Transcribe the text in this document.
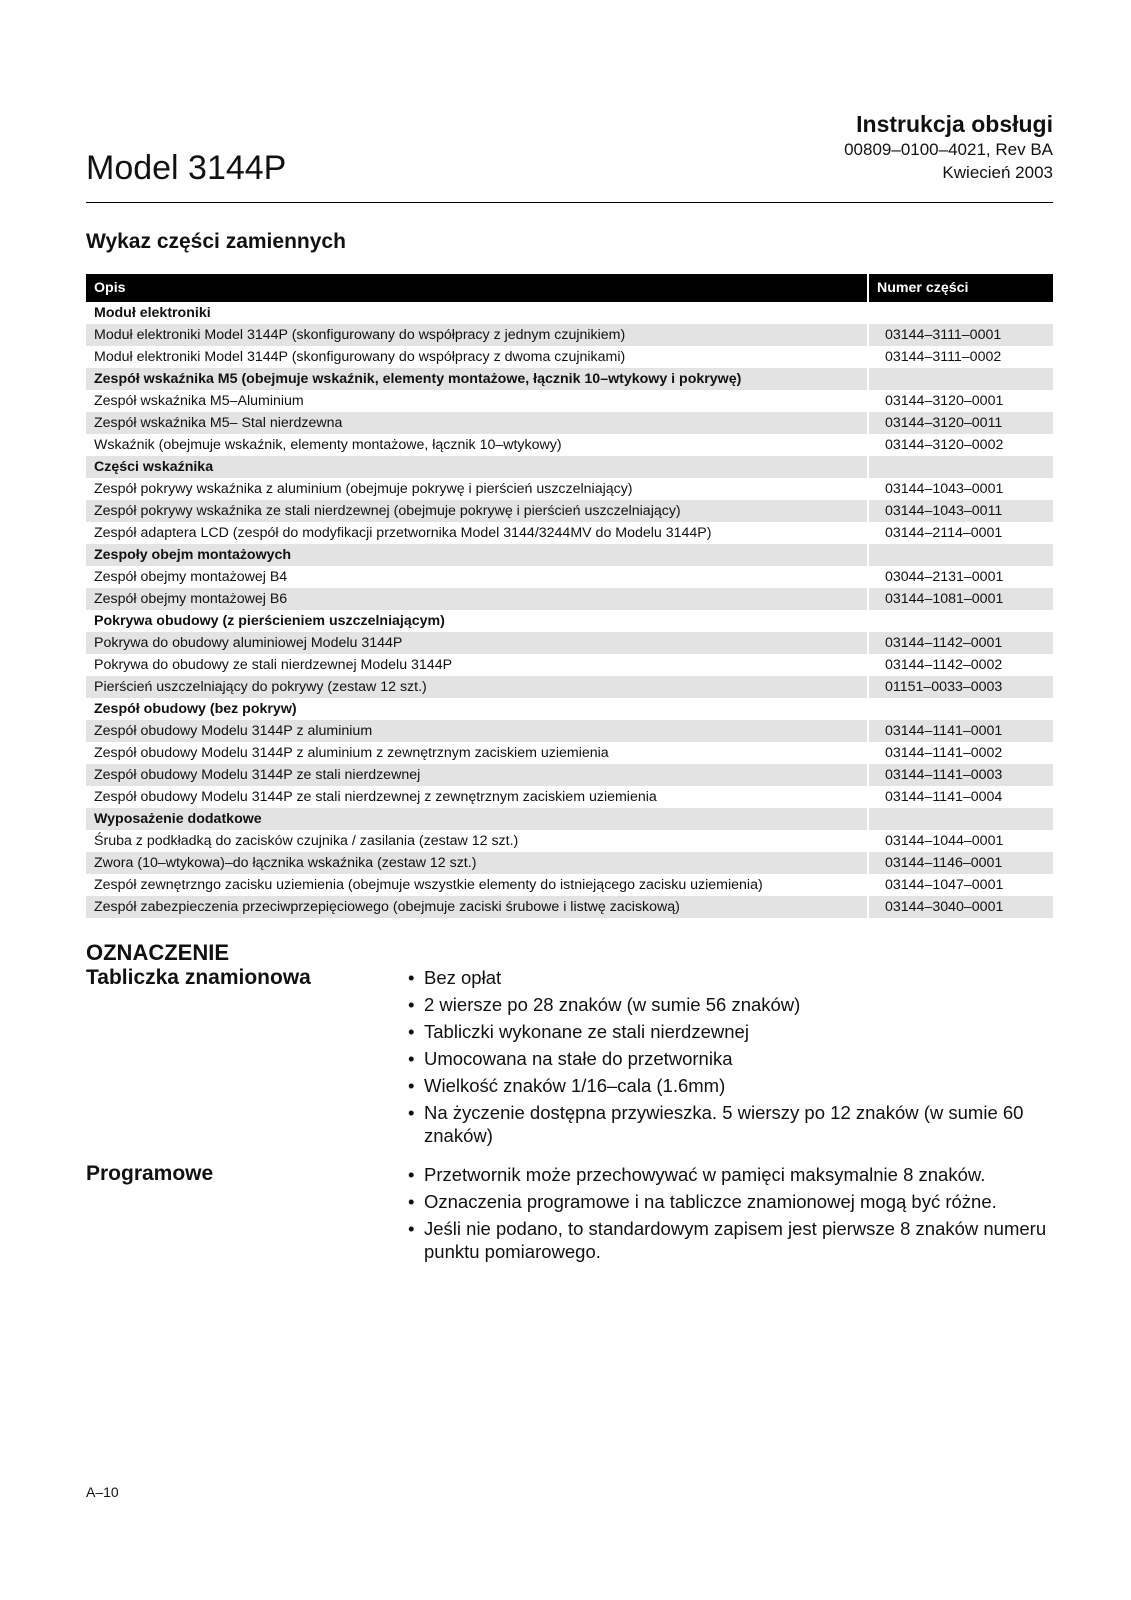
Instrukcja obsługi
00809–0100–4021, Rev BA
Kwiecień 2003
Model 3144P
Wykaz części zamiennych
Opis	Numer części
Moduł elektroniki	
Moduł elektroniki Model 3144P (skonfigurowany do współpracy z jednym czujnikiem)	03144–3111–0001
Moduł elektroniki Model 3144P (skonfigurowany do współpracy z dwoma czujnikami)	03144–3111–0002
Zespół wskaźnika M5 (obejmuje wskaźnik, elementy montażowe, łącznik 10–wtykowy i pokrywę)	
Zespół wskaźnika M5–Aluminium	03144–3120–0001
Zespół wskaźnika M5– Stal nierdzewna	03144–3120–0011
Wskaźnik (obejmuje wskaźnik, elementy montażowe, łącznik 10–wtykowy)	03144–3120–0002
Części wskaźnika	
Zespół pokrywy wskaźnika z aluminium (obejmuje pokrywę i pierścień uszczelniający)	03144–1043–0001
Zespół pokrywy wskaźnika ze stali nierdzewnej (obejmuje pokrywę i pierścień uszczelniający)	03144–1043–0011
Zespół adaptera LCD (zespół do modyfikacji przetwornika Model 3144/3244MV do Modelu 3144P)	03144–2114–0001
Zespoły obejm montażowych	
Zespół obejmy montażowej B4	03044–2131–0001
Zespół obejmy montażowej B6	03144–1081–0001
Pokrywa obudowy (z pierścieniem uszczelniającym)	
Pokrywa do obudowy aluminiowej Modelu 3144P	03144–1142–0001
Pokrywa do obudowy ze stali nierdzewnej Modelu 3144P	03144–1142–0002
Pierścień uszczelniający do pokrywy (zestaw 12 szt.)	01151–0033–0003
Zespół obudowy (bez pokryw)	
Zespół obudowy Modelu 3144P z aluminium	03144–1141–0001
Zespół obudowy Modelu 3144P z aluminium z zewnętrznym zaciskiem uziemienia	03144–1141–0002
Zespół obudowy Modelu 3144P ze stali nierdzewnej	03144–1141–0003
Zespół obudowy Modelu 3144P ze stali nierdzewnej z zewnętrznym zaciskiem uziemienia	03144–1141–0004
Wyposażenie dodatkowe	
Śruba z podkładką do zacisków czujnika / zasilania (zestaw 12 szt.)	03144–1044–0001
Zwora (10–wtykowa)–do łącznika wskaźnika (zestaw 12 szt.)	03144–1146–0001
Zespół zewnętrzngo zacisku uziemienia (obejmuje wszystkie elementy do istniejącego zacisku uziemienia)	03144–1047–0001
Zespół zabezpieczenia przeciwprzepięciowego (obejmuje zaciski śrubowe i listwę zaciskową)	03144–3040–0001
OZNACZENIE
Tabliczka znamionowa	• Bez opłat
• 2 wiersze po 28 znaków (w sumie 56 znaków)
• Tabliczki wykonane ze stali nierdzewnej
• Umocowana na stałe do przetwornika
• Wielkość znaków 1/16–cala (1.6mm)
• Na życzenie dostępna przywieszka. 5 wierszy po 12 znaków (w sumie 60 znaków)
Programowe	• Przetwornik może przechowywać w pamięci maksymalnie 8 znaków.
• Oznaczenia programowe i na tabliczce znamionowej mogą być różne.
• Jeśli nie podano, to standardowym zapisem jest pierwsze 8 znaków numeru punktu pomiarowego.
A–10
